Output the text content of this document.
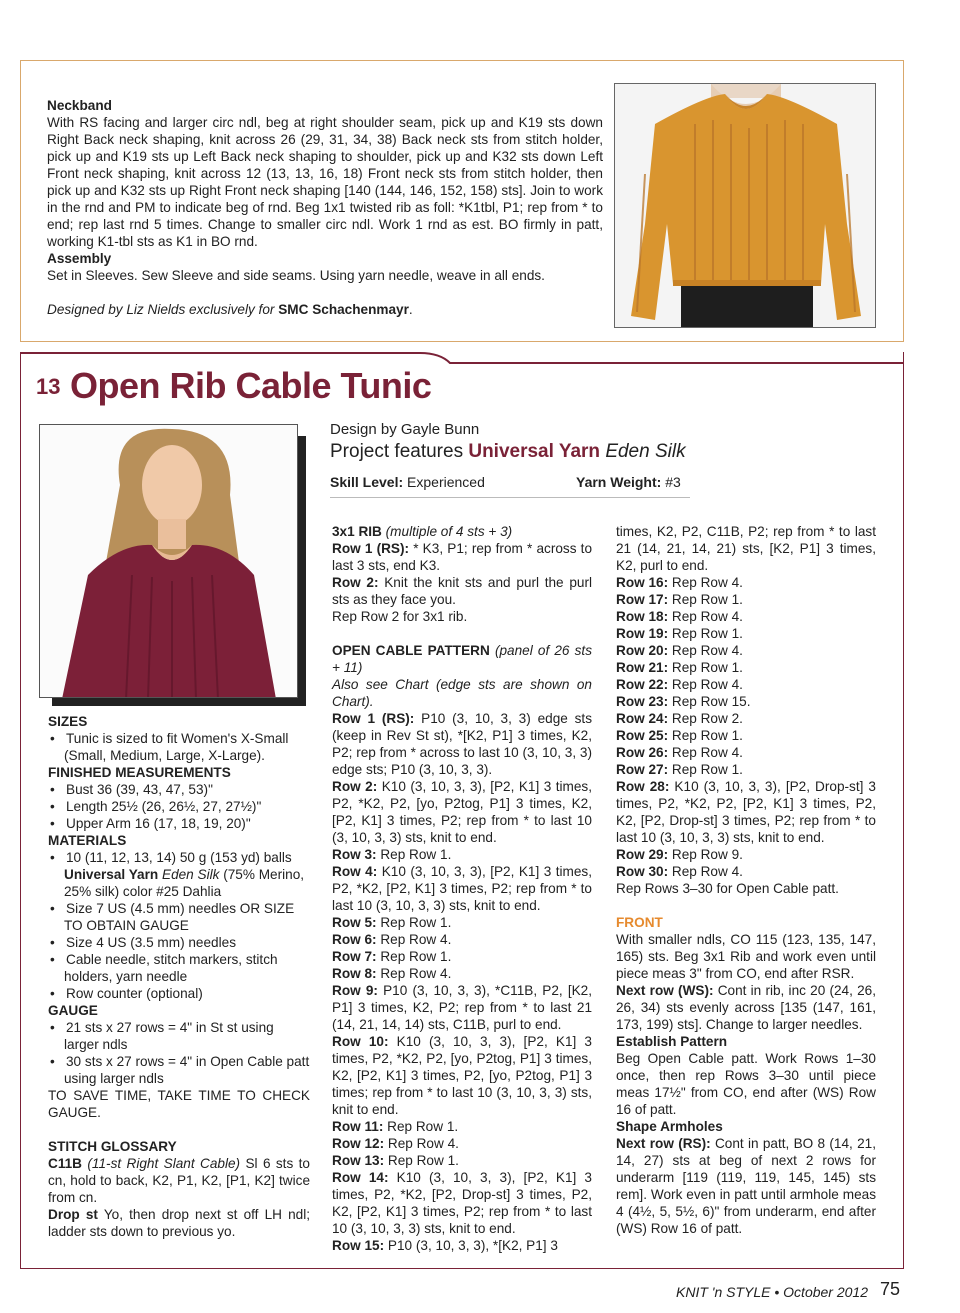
Neckband

With RS facing and larger circ ndl, beg at right shoulder seam, pick up and K19 sts down Right Back neck shaping, knit across 26 (29, 31, 34, 38) Back neck sts from stitch holder, pick up and K19 sts up Left Back neck shaping to shoulder, pick up and K32 sts down Left Front neck shaping, knit across 12 (13, 13, 16, 18) Front neck sts from stitch holder, then pick up and K32 sts up Right Front neck shaping [140 (144, 146, 152, 158) sts]. Join to work in the rnd and PM to indicate beg of rnd. Beg 1x1 twisted rib as foll: *K1tbl, P1; rep from * to end; rep last rnd 5 times. Change to smaller circ ndl. Work 1 rnd as est. BO firmly in patt, working K1-tbl sts as K1 in BO rnd.

Assembly

Set in Sleeves. Sew Sleeve and side seams. Using yarn needle, weave in all ends.

Designed by Liz Nields exclusively for SMC Schachenmayr.

13 Open Rib Cable Tunic
Design by Gayle Bunn
Project features Universal Yarn Eden Silk
Skill Level: Experienced	Yarn Weight: #3

SIZES

• Tunic is sized to fit Women's X-Small (Small, Medium, Large, X-Large).

FINISHED MEASUREMENTS

• Bust 36 (39, 43, 47, 53)"
• Length 25½ (26, 26½, 27, 27½)"
• Upper Arm 16 (17, 18, 19, 20)"

MATERIALS

• 10 (11, 12, 13, 14) 50 g (153 yd) balls Universal Yarn Eden Silk (75% Merino, 25% silk) color #25 Dahlia
• Size 7 US (4.5 mm) needles OR SIZE TO OBTAIN GAUGE
• Size 4 US (3.5 mm) needles
• Cable needle, stitch markers, stitch holders, yarn needle
• Row counter (optional)

GAUGE

• 21 sts x 27 rows = 4" in St st using larger ndls
• 30 sts x 27 rows = 4" in Open Cable patt using larger ndls

TO SAVE TIME, TAKE TIME TO CHECK GAUGE.

STITCH GLOSSARY

C11B (11-st Right Slant Cable) Sl 6 sts to cn, hold to back, K2, P1, K2, [P1, K2] twice from cn.

Drop st Yo, then drop next st off LH ndl; ladder sts down to previous yo.

3x1 RIB (multiple of 4 sts + 3)

Row 1 (RS): * K3, P1; rep from * across to last 3 sts, end K3.

Row 2: Knit the knit sts and purl the purl sts as they face you.

Rep Row 2 for 3x1 rib.

OPEN CABLE PATTERN (panel of 26 sts + 11)

Also see Chart (edge sts are shown on Chart).

Row 1 (RS): P10 (3, 10, 3, 3) edge sts (keep in Rev St st), *[K2, P1] 3 times, K2, P2; rep from * across to last 10 (3, 10, 3, 3) edge sts; P10 (3, 10, 3, 3).

Row 2: K10 (3, 10, 3, 3), [P2, K1] 3 times, P2, *K2, P2, [yo, P2tog, P1] 3 times, K2, [P2, K1] 3 times, P2; rep from * to last 10 (3, 10, 3, 3) sts, knit to end.

Row 3: Rep Row 1.

Row 4: K10 (3, 10, 3, 3), [P2, K1] 3 times, P2, *K2, [P2, K1] 3 times, P2; rep from * to last 10 (3, 10, 3, 3) sts, knit to end.

Row 5: Rep Row 1.

Row 6: Rep Row 4.

Row 7: Rep Row 1.

Row 8: Rep Row 4.

Row 9: P10 (3, 10, 3, 3), *C11B, P2, [K2, P1] 3 times, K2, P2; rep from * to last 21 (14, 21, 14, 14) sts, C11B, purl to end.

Row 10: K10 (3, 10, 3, 3), [P2, K1] 3 times, P2, *K2, P2, [yo, P2tog, P1] 3 times, K2, [P2, K1] 3 times, P2, [yo, P2tog, P1] 3 times; rep from * to last 10 (3, 10, 3, 3) sts, knit to end.

Row 11: Rep Row 1.

Row 12: Rep Row 4.

Row 13: Rep Row 1.

Row 14: K10 (3, 10, 3, 3), [P2, K1] 3 times, P2, *K2, [P2, Drop-st] 3 times, P2, K2, [P2, K1] 3 times, P2; rep from * to last 10 (3, 10, 3, 3) sts, knit to end.

Row 15: P10 (3, 10, 3, 3), *[K2, P1] 3

times, K2, P2, C11B, P2; rep from * to last 21 (14, 21, 14, 21) sts, [K2, P1] 3 times, K2, purl to end.

Row 16: Rep Row 4.

Row 17: Rep Row 1.

Row 18: Rep Row 4.

Row 19: Rep Row 1.

Row 20: Rep Row 4.

Row 21: Rep Row 1.

Row 22: Rep Row 4.

Row 23: Rep Row 15.

Row 24: Rep Row 2.

Row 25: Rep Row 1.

Row 26: Rep Row 4.

Row 27: Rep Row 1.

Row 28: K10 (3, 10, 3, 3), [P2, Drop-st] 3 times, P2, *K2, P2, [P2, K1] 3 times, P2, K2, [P2, Drop-st] 3 times, P2; rep from * to last 10 (3, 10, 3, 3) sts, knit to end.

Row 29: Rep Row 9.

Row 30: Rep Row 4.

Rep Rows 3–30 for Open Cable patt.

FRONT

With smaller ndls, CO 115 (123, 135, 147, 165) sts. Beg 3x1 Rib and work even until piece meas 3" from CO, end after RSR.

Next row (WS): Cont in rib, inc 20 (24, 26, 26, 34) sts evenly across [135 (147, 161, 173, 199) sts]. Change to larger needles.

Establish Pattern

Beg Open Cable patt. Work Rows 1–30 once, then rep Rows 3–30 until piece meas 17½" from CO, end after (WS) Row 16 of patt.

Shape Armholes

Next row (RS): Cont in patt, BO 8 (14, 21, 14, 27) sts at beg of next 2 rows for underarm [119 (119, 119, 145, 145) sts rem]. Work even in patt until armhole meas 4 (4½, 5, 5½, 6)" from underarm, end after (WS) Row 16 of patt.

KNIT 'n STYLE • October 2012 75
